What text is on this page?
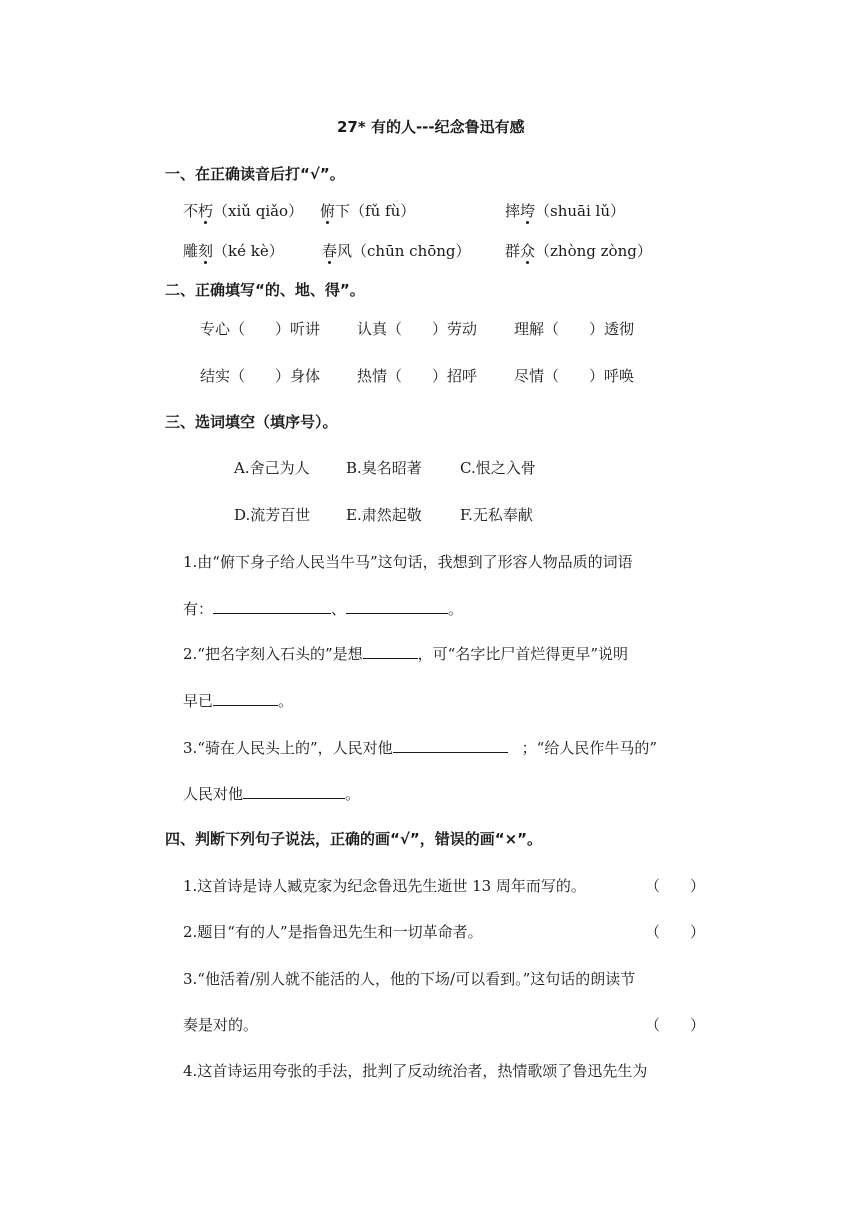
27* 有的人---纪念鲁迅有感
一、在正确读音后打“√”。
不朽（xiǔ qiǎo） 俯下（fǔ fù）	摔垮（shuāi lǔ）
雕刻（ké kè）	春风（chūn chōng） 群众（zhòng zòng）
二、正确填写“的、地、得”。
专心（　　）听讲 认真（　　）劳动 理解（　　）透彻
结实（　　）身体 热情（　　）招呼 尽情（　　）呼唤
三、选词填空（填序号）。
A.舍己为人 B.臭名昭著	C.恨之入骨
D.流芳百世 E.肃然起敬	F.无私奉献
1.由“俯下身子给人民当牛马”这句话，我想到了形容人物品质的词语
有：	、	。
2.“把名字刻入石头的”是想	，可“名字比尸首烂得更早”说明
早已	。
3.“骑在人民头上的”，人民对他	；“给人民作牛马的”
人民对他	。
四、判断下列句子说法，正确的画“√”，错误的画“×”。
1.这首诗是诗人臧克家为纪念鲁迅先生逝世 13 周年而写的。	（　　）
2.题目“有的人”是指鲁迅先生和一切革命者。	（　　）
3.“他活着/别人就不能活的人，他的下场/可以看到。”这句话的朗读节
奏是对的。	（　　）
4.这首诗运用夸张的手法，批判了反动统治者，热情歌颂了鲁迅先生为
